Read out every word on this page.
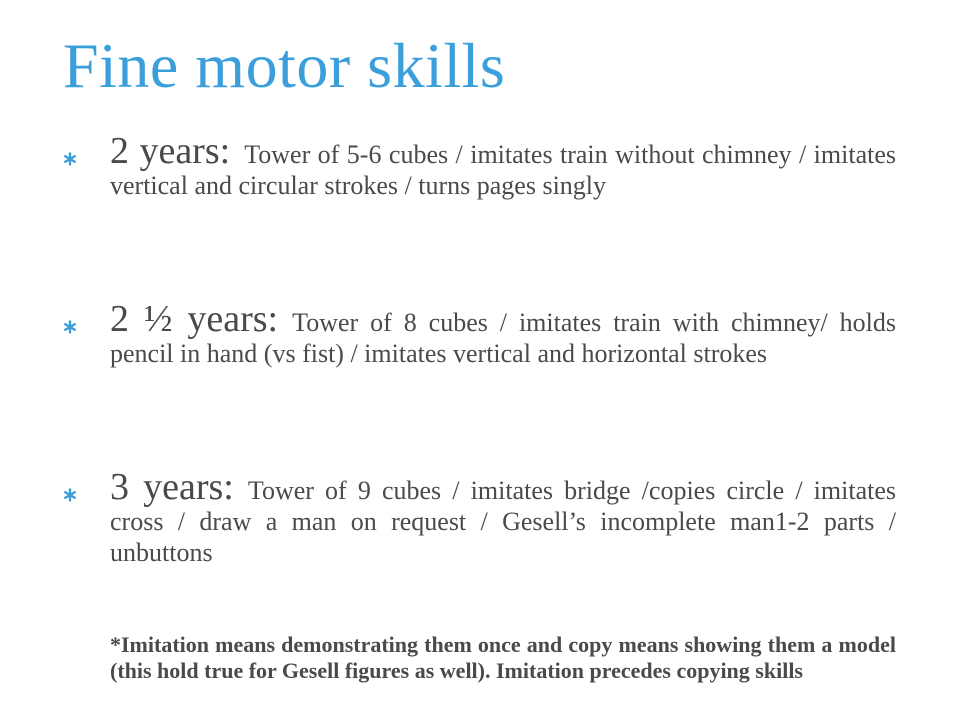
Fine motor skills
2 years: Tower of 5-6 cubes / imitates train without chimney / imitates vertical and circular strokes / turns pages singly
2 ½ years: Tower of 8 cubes / imitates train with chimney/ holds pencil in hand (vs fist) / imitates vertical and horizontal strokes
3 years: Tower of 9 cubes / imitates bridge /copies circle / imitates cross / draw a man on request / Gesell’s incomplete man1-2 parts / unbuttons
*Imitation means demonstrating them once and copy means showing them a model (this hold true for Gesell figures as well). Imitation precedes copying skills
